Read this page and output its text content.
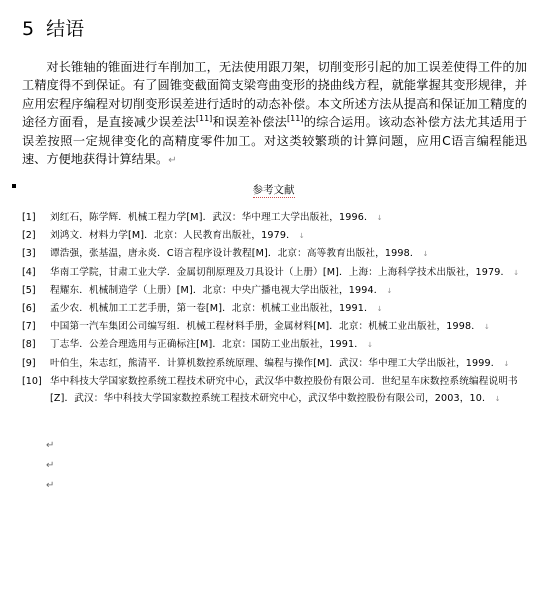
5 结语

对长锥轴的锥面进行车削加工，无法使用跟刀架，切削变形引起的加工误差使得工件的加工精度得不到保证。有了圆锥变截面简支梁弯曲变形的挠曲线方程，就能掌握其变形规律，并应用宏程序编程对切削变形误差进行适时的动态补偿。本文所述方法从提高和保证加工精度的途径方面看，是直接减少误差法[11]和误差补偿法[11]的综合运用。该动态补偿方法尤其适用于误差按照一定规律变化的高精度零件加工。对这类较繁琐的计算问题，应用C语言编程能迅速、方便地获得计算结果。↵

参考文献
[1]	刘红石，陈学辉．机械工程力学[M]．武汉：华中理工大学出版社，1996． ↓
[2]	刘鸿文．材料力学[M]．北京：人民教育出版社，1979． ↓
[3]	谭浩强，张基温，唐永炎．C语言程序设计教程[M]．北京：高等教育出版社，1998． ↓
[4]	华南工学院，甘肃工业大学．金属切削原理及刀具设计（上册）[M]．上海：上海科学技术出版社，1979． ↓
[5]	程耀东．机械制造学（上册）[M]．北京：中央广播电视大学出版社，1994． ↓
[6]	孟少农．机械加工工艺手册，第一卷[M]．北京：机械工业出版社，1991． ↓
[7]	中国第一汽车集团公司编写组．机械工程材料手册，金属材料[M]．北京：机械工业出版社，1998． ↓
[8]	丁志华．公差合理选用与正确标注[M]．北京：国防工业出版社，1991． ↓
[9]	叶伯生，朱志红，熊清平．计算机数控系统原理、编程与操作[M]．武汉：华中理工大学出版社，1999． ↓
[10] 华中科技大学国家数控系统工程技术研究中心，武汉华中数控股份有限公司．世纪星车床数控系统编程说明书[Z]．武汉：华中科技大学国家数控系统工程技术研究中心，武汉华中数控股份有限公司，2003，10． ↓
↵
↵
↵
